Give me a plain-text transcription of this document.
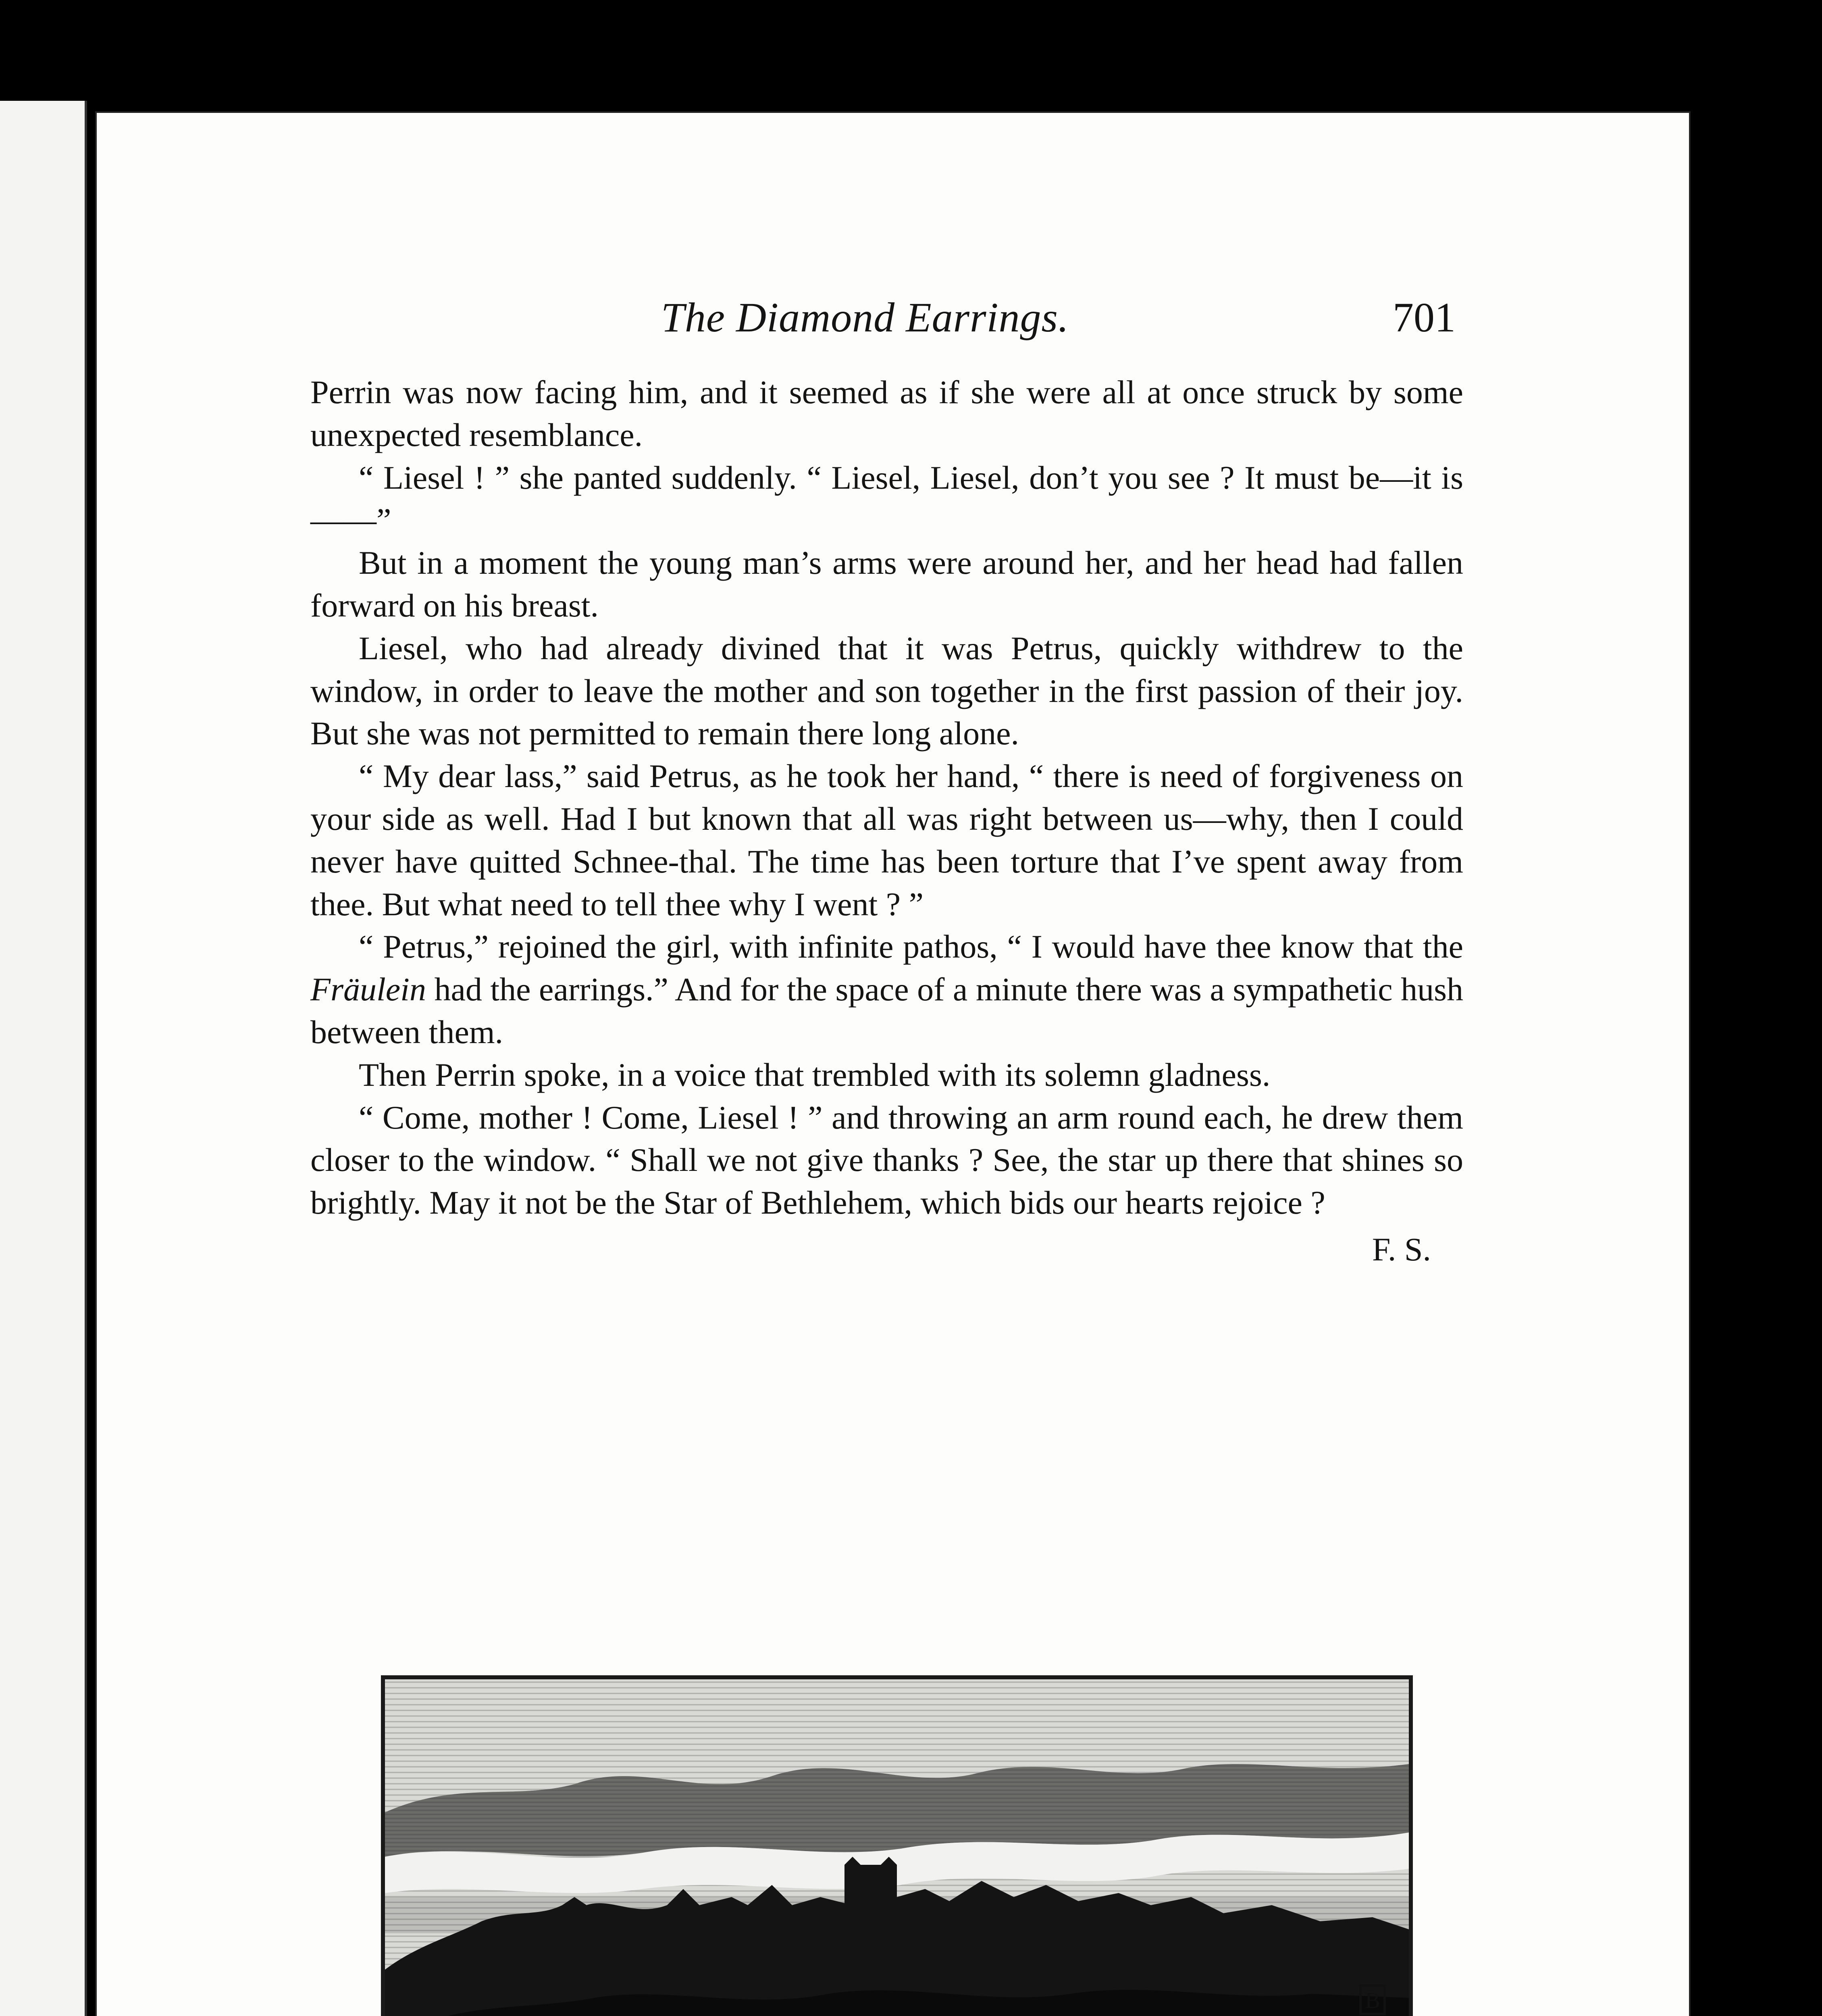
The Diamond Earrings.	701

Perrin was now facing him, and it seemed as if she were all at once struck by some unexpected resemblance.

“ Liesel ! ” she panted suddenly. “ Liesel, Liesel, don’t you see ? It must be—it is——”

But in a moment the young man’s arms were around her, and her head had fallen forward on his breast.

Liesel, who had already divined that it was Petrus, quickly withdrew to the window, in order to leave the mother and son together in the first passion of their joy. But she was not permitted to remain there long alone.

“ My dear lass,” said Petrus, as he took her hand, “ there is need of forgiveness on your side as well. Had I but known that all was right between us—why, then I could never have quitted Schnee-thal. The time has been torture that I’ve spent away from thee. But what need to tell thee why I went ? ”

“ Petrus,” rejoined the girl, with infinite pathos, “ I would have thee know that the Fräulein had the earrings.” And for the space of a minute there was a sympathetic hush between them.

Then Perrin spoke, in a voice that trembled with its solemn gladness.

“ Come, mother ! Come, Liesel ! ” and throwing an arm round each, he drew them closer to the window. “ Shall we not give thanks ? See, the star up there that shines so brightly. May it not be the Star of Bethlehem, which bids our hearts rejoice ?

F. S.

B
